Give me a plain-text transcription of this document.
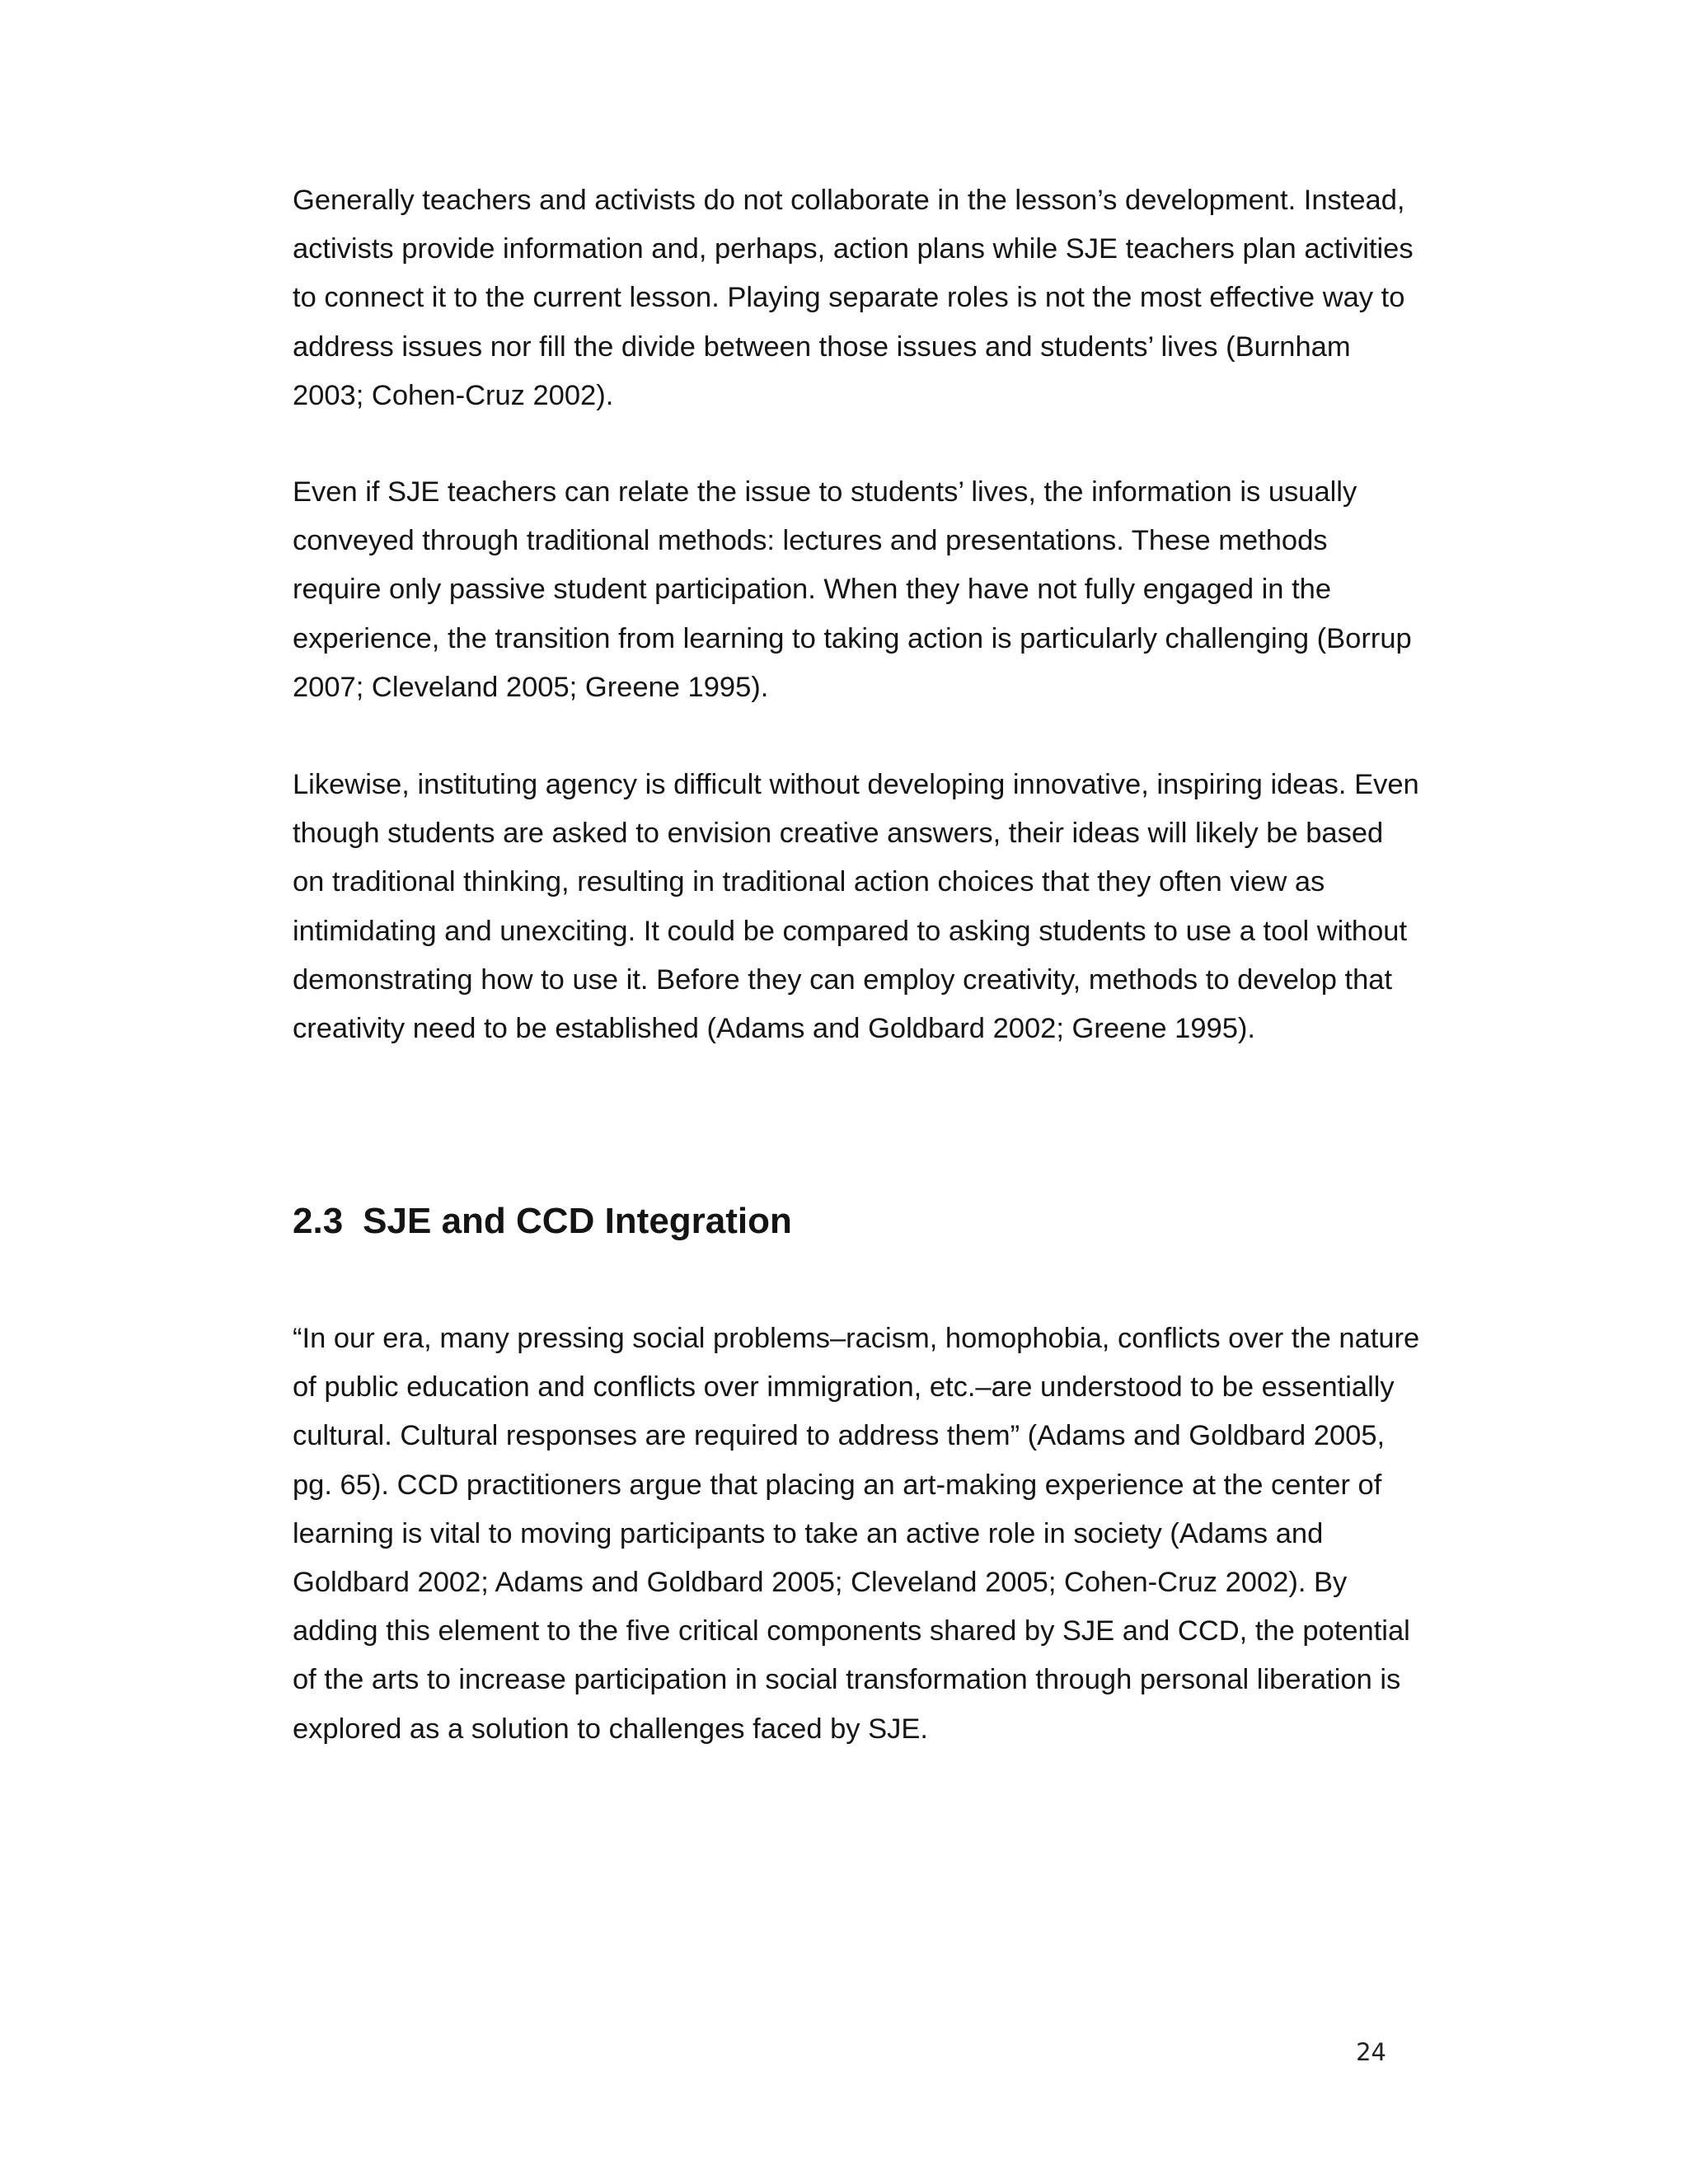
Generally teachers and activists do not collaborate in the lesson’s development. Instead, activists provide information and, perhaps, action plans while SJE teachers plan activities to connect it to the current lesson. Playing separate roles is not the most effective way to address issues nor fill the divide between those issues and students’ lives (Burnham 2003; Cohen-Cruz 2002).

Even if SJE teachers can relate the issue to students’ lives, the information is usually conveyed through traditional methods: lectures and presentations. These methods require only passive student participation. When they have not fully engaged in the experience, the transition from learning to taking action is particularly challenging (Borrup 2007; Cleveland 2005; Greene 1995).

Likewise, instituting agency is difficult without developing innovative, inspiring ideas. Even though students are asked to envision creative answers, their ideas will likely be based on traditional thinking, resulting in traditional action choices that they often view as intimidating and unexciting. It could be compared to asking students to use a tool without demonstrating how to use it. Before they can employ creativity, methods to develop that creativity need to be established (Adams and Goldbard 2002; Greene 1995).

2.3 SJE and CCD Integration

“In our era, many pressing social problems–racism, homophobia, conflicts over the nature of public education and conflicts over immigration, etc.–are understood to be essentially cultural. Cultural responses are required to address them” (Adams and Goldbard 2005, pg. 65). CCD practitioners argue that placing an art-making experience at the center of learning is vital to moving participants to take an active role in society (Adams and Goldbard 2002; Adams and Goldbard 2005; Cleveland 2005; Cohen-Cruz 2002). By adding this element to the five critical components shared by SJE and CCD, the potential of the arts to increase participation in social transformation through personal liberation is explored as a solution to challenges faced by SJE.

24
